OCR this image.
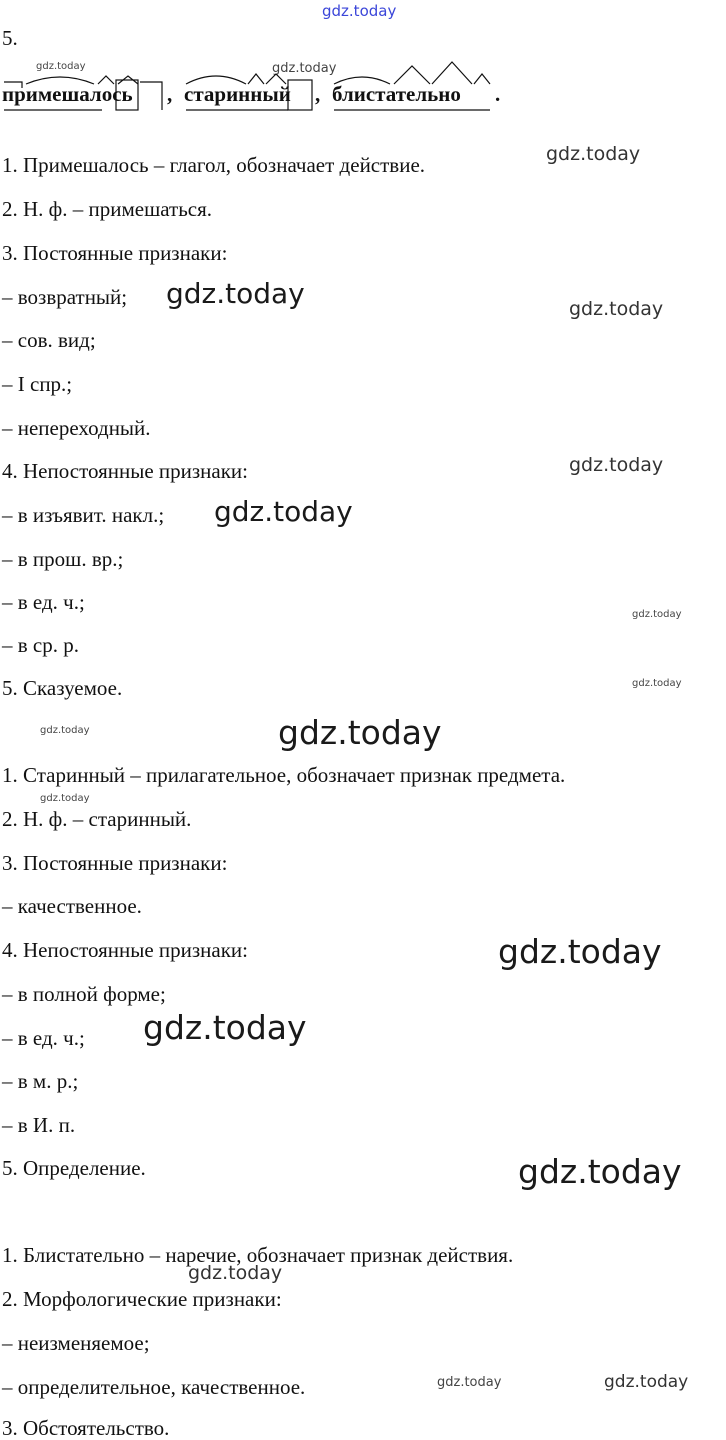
gdz.today
gdz.today	gdz.today
gdz.today
gdz.today	gdz.today
gdz.today
gdz.today
gdz.today
gdz.today
gdz.today	gdz.today
gdz.today
gdz.today
gdz.today
gdz.today
gdz.today
gdz.today	gdz.today
5.
примешалось , старинный , блистательно .
1. Примешалось – глагол, обозначает действие.
2. Н. ф. – примешаться.
3. Постоянные признаки:
– возвратный;
– сов. вид;
– I спр.;
– непереходный.
4. Непостоянные признаки:
– в изъявит. накл.;
– в прош. вр.;
– в ед. ч.;
– в ср. р.
5. Сказуемое.
1. Старинный – прилагательное, обозначает признак предмета.
2. Н. ф. – старинный.
3. Постоянные признаки:
– качественное.
4. Непостоянные признаки:
– в полной форме;
– в ед. ч.;
– в м. р.;
– в И. п.
5. Определение.
1. Блистательно – наречие, обозначает признак действия.
2. Морфологические признаки:
– неизменяемое;
– определительное, качественное.
3. Обстоятельство.
